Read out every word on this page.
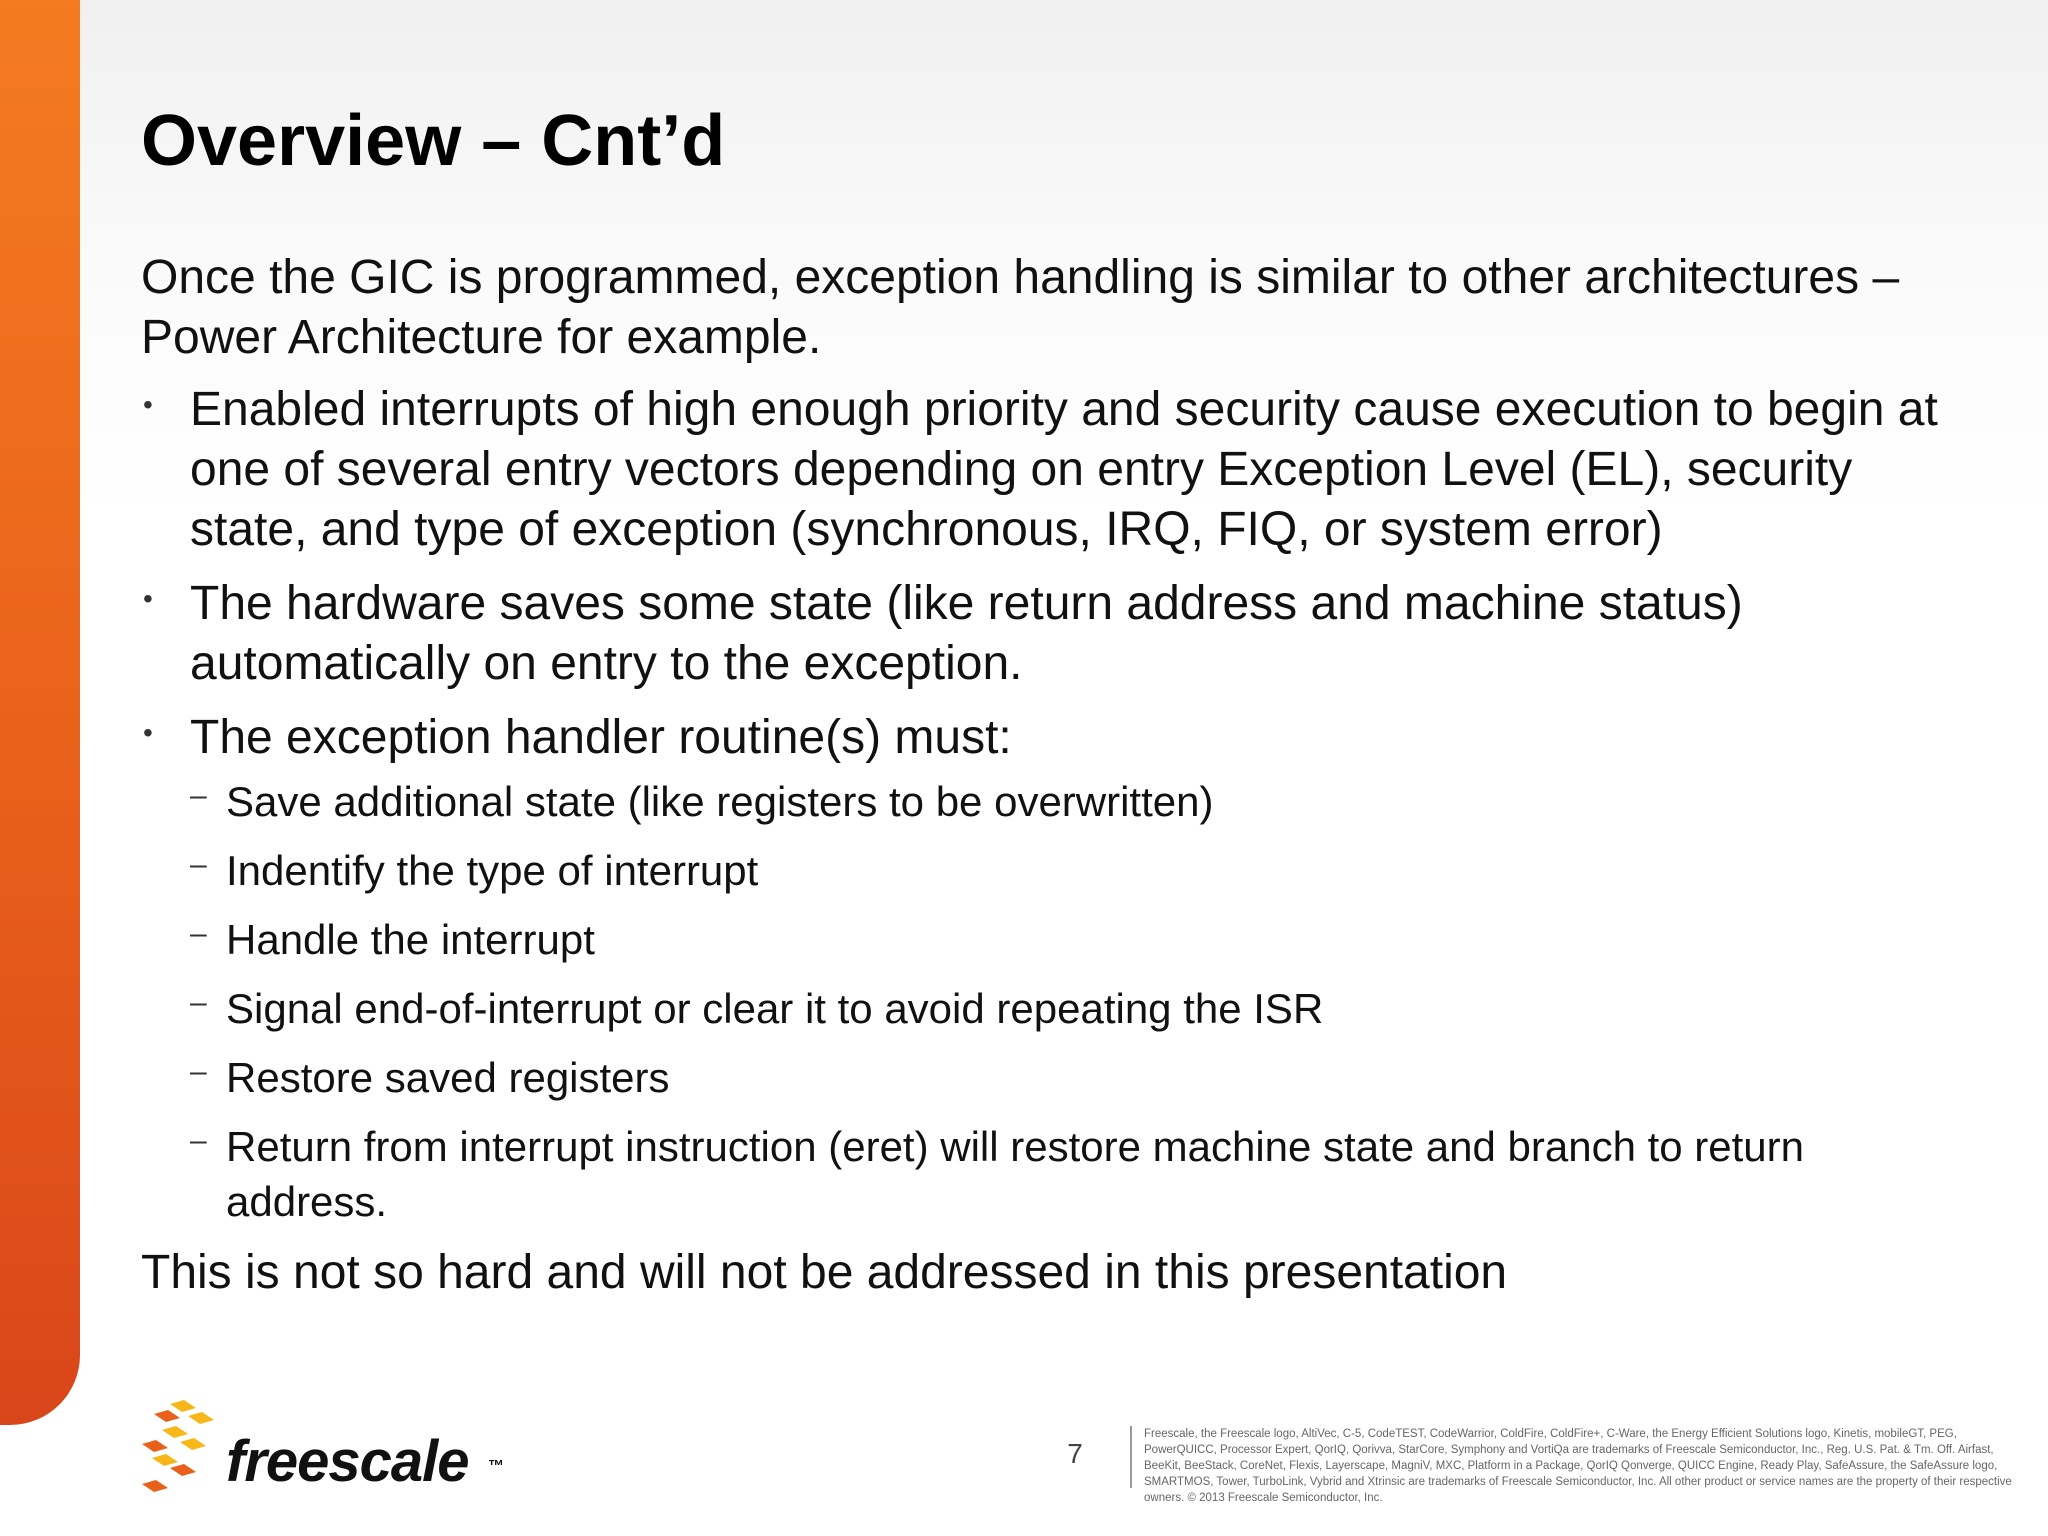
Overview – Cnt’d

Once the GIC is programmed, exception handling is similar to other architectures – Power Architecture for example.

• Enabled interrupts of high enough priority and security cause execution to begin at one of several entry vectors depending on entry Exception Level (EL), security state, and type of exception (synchronous, IRQ, FIQ, or system error)
• The hardware saves some state (like return address and machine status) automatically on entry to the exception.
• The exception handler routine(s) must:
– Save additional state (like registers to be overwritten)
– Indentify the type of interrupt
– Handle the interrupt
– Signal end-of-interrupt or clear it to avoid repeating the ISR
– Restore saved registers
– Return from interrupt instruction (eret) will restore machine state and branch to return address.

This is not so hard and will not be addressed in this presentation

freescale ™	7

Freescale, the Freescale logo, AltiVec, C-5, CodeTEST, CodeWarrior, ColdFire, ColdFire+, C-Ware, the Energy Efficient Solutions logo, Kinetis, mobileGT, PEG, PowerQUICC, Processor Expert, QorIQ, Qorivva, StarCore, Symphony and VortiQa are trademarks of Freescale Semiconductor, Inc., Reg. U.S. Pat. & Tm. Off. Airfast, BeeKit, BeeStack, CoreNet, Flexis, Layerscape, MagniV, MXC, Platform in a Package, QorIQ Qonverge, QUICC Engine, Ready Play, SafeAssure, the SafeAssure logo, SMARTMOS, Tower, TurboLink, Vybrid and Xtrinsic are trademarks of Freescale Semiconductor, Inc. All other product or service names are the property of their respective owners. © 2013 Freescale Semiconductor, Inc.
